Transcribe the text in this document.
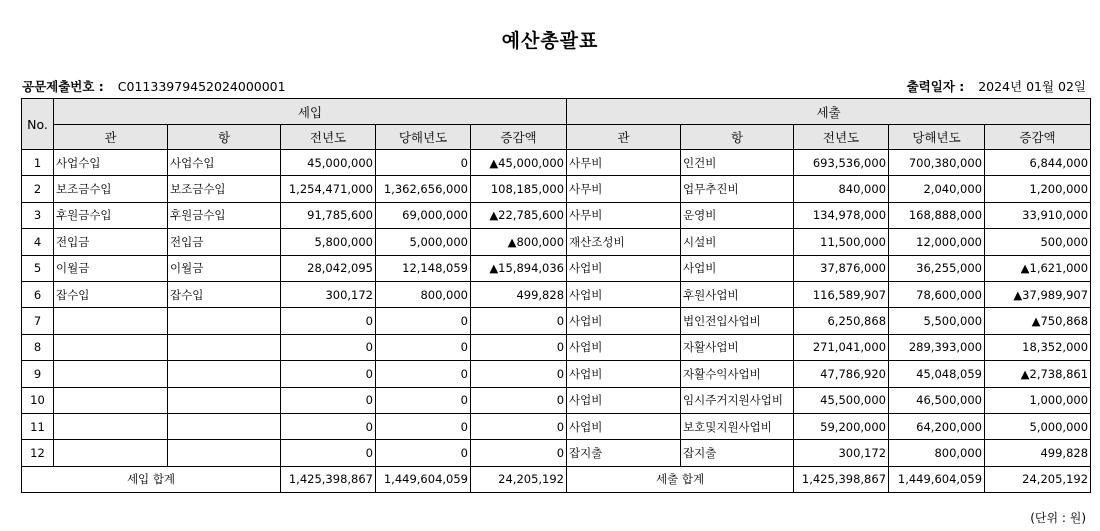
예산총괄표
공문제출번호 : C01133979452024000001	출력일자 : 2024년 01월 02일
No.	세입					세출				
	관	항	전년도	당해년도	증감액	관	항	전년도	당해년도	증감액
1	사업수입	사업수입	45,000,000	0	▲45,000,000	사무비	인건비	693,536,000	700,380,000	6,844,000
2	보조금수입	보조금수입	1,254,471,000	1,362,656,000	108,185,000	사무비	업무추진비	840,000	2,040,000	1,200,000
3	후원금수입	후원금수입	91,785,600	69,000,000	▲22,785,600	사무비	운영비	134,978,000	168,888,000	33,910,000
4	전입금	전입금	5,800,000	5,000,000	▲800,000	재산조성비	시설비	11,500,000	12,000,000	500,000
5	이월금	이월금	28,042,095	12,148,059	▲15,894,036	사업비	사업비	37,876,000	36,255,000	▲1,621,000
6	잡수입	잡수입	300,172	800,000	499,828	사업비	후원사업비	116,589,907	78,600,000	▲37,989,907
7			0	0	0	사업비	법인전입사업비	6,250,868	5,500,000	▲750,868
8			0	0	0	사업비	자활사업비	271,041,000	289,393,000	18,352,000
9			0	0	0	사업비	자활수익사업비	47,786,920	45,048,059	▲2,738,861
10			0	0	0	사업비	임시주거지원사업비	45,500,000	46,500,000	1,000,000
11			0	0	0	사업비	보호및지원사업비	59,200,000	64,200,000	5,000,000
12			0	0	0	잡지출	잡지출	300,172	800,000	499,828
세입 합계			1,425,398,867	1,449,604,059	24,205,192	세출 합계		1,425,398,867	1,449,604,059	24,205,192
(단위 : 원)
